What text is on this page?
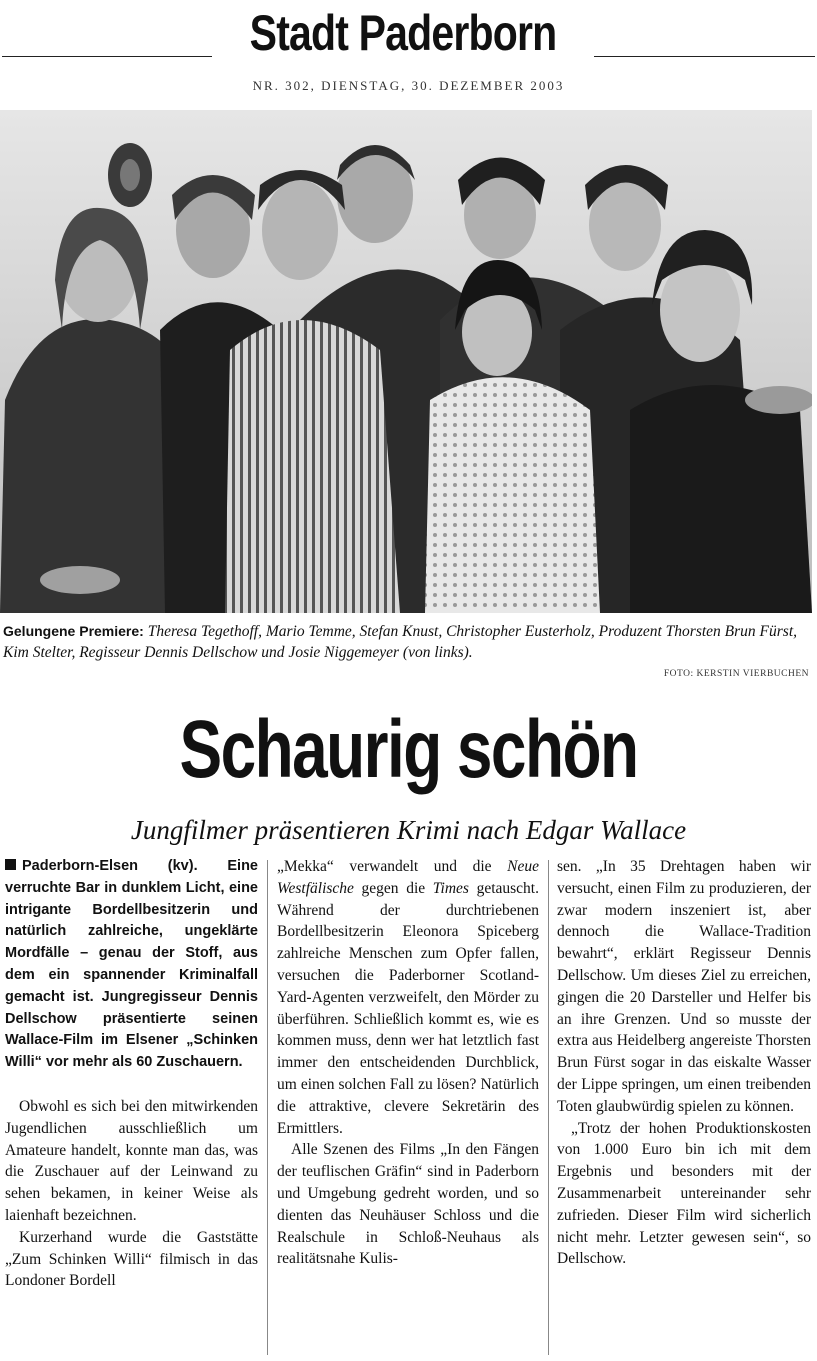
Stadt Paderborn
NR. 302, DIENSTAG, 30. DEZEMBER 2003
Gelungene Premiere: Theresa Tegethoff, Mario Temme, Stefan Knust, Christopher Eusterholz, Produzent Thorsten Brun Fürst, Kim Stelter, Regisseur Dennis Dellschow und Josie Niggemeyer (von links).
FOTO: KERSTIN VIERBUCHEN
Schaurig schön
Jungfilmer präsentieren Krimi nach Edgar Wallace

Paderborn-Elsen (kv). Eine verruchte Bar in dunklem Licht, eine intrigante Bordellbesitzerin und natürlich zahlreiche, ungeklärte Mordfälle – genau der Stoff, aus dem ein spannender Kriminalfall gemacht ist. Jungregisseur Dennis Dellschow präsentierte seinen Wallace-Film im Elsener „Schinken Willi“ vor mehr als 60 Zuschauern.

Obwohl es sich bei den mitwirkenden Jugendlichen ausschließlich um Amateure handelt, konnte man das, was die Zuschauer auf der Leinwand zu sehen bekamen, in keiner Weise als laienhaft bezeichnen.

Kurzerhand wurde die Gaststätte „Zum Schinken Willi“ filmisch in das Londoner Bordell

„Mekka“ verwandelt und die Neue Westfälische gegen die Times getauscht. Während der durchtriebenen Bordellbesitzerin Eleonora Spiceberg zahlreiche Menschen zum Opfer fallen, versuchen die Paderborner Scotland-Yard-Agenten verzweifelt, den Mörder zu überführen. Schließlich kommt es, wie es kommen muss, denn wer hat letztlich fast immer den entscheidenden Durchblick, um einen solchen Fall zu lösen? Natürlich die attraktive, clevere Sekretärin des Ermittlers.

Alle Szenen des Films „In den Fängen der teuflischen Gräfin“ sind in Paderborn und Umgebung gedreht worden, und so dienten das Neuhäuser Schloss und die Realschule in Schloß-Neuhaus als realitätsnahe Kulis-

sen. „In 35 Drehtagen haben wir versucht, einen Film zu produzieren, der zwar modern inszeniert ist, aber dennoch die Wallace-Tradition bewahrt“, erklärt Regisseur Dennis Dellschow. Um dieses Ziel zu erreichen, gingen die 20 Darsteller und Helfer bis an ihre Grenzen. Und so musste der extra aus Heidelberg angereiste Thorsten Brun Fürst sogar in das eiskalte Wasser der Lippe springen, um einen treibenden Toten glaubwürdig spielen zu können.

„Trotz der hohen Produktionskosten von 1.000 Euro bin ich mit dem Ergebnis und besonders mit der Zusammenarbeit untereinander sehr zufrieden. Dieser Film wird sicherlich nicht mehr. Letzter gewesen sein“, so Dellschow.
